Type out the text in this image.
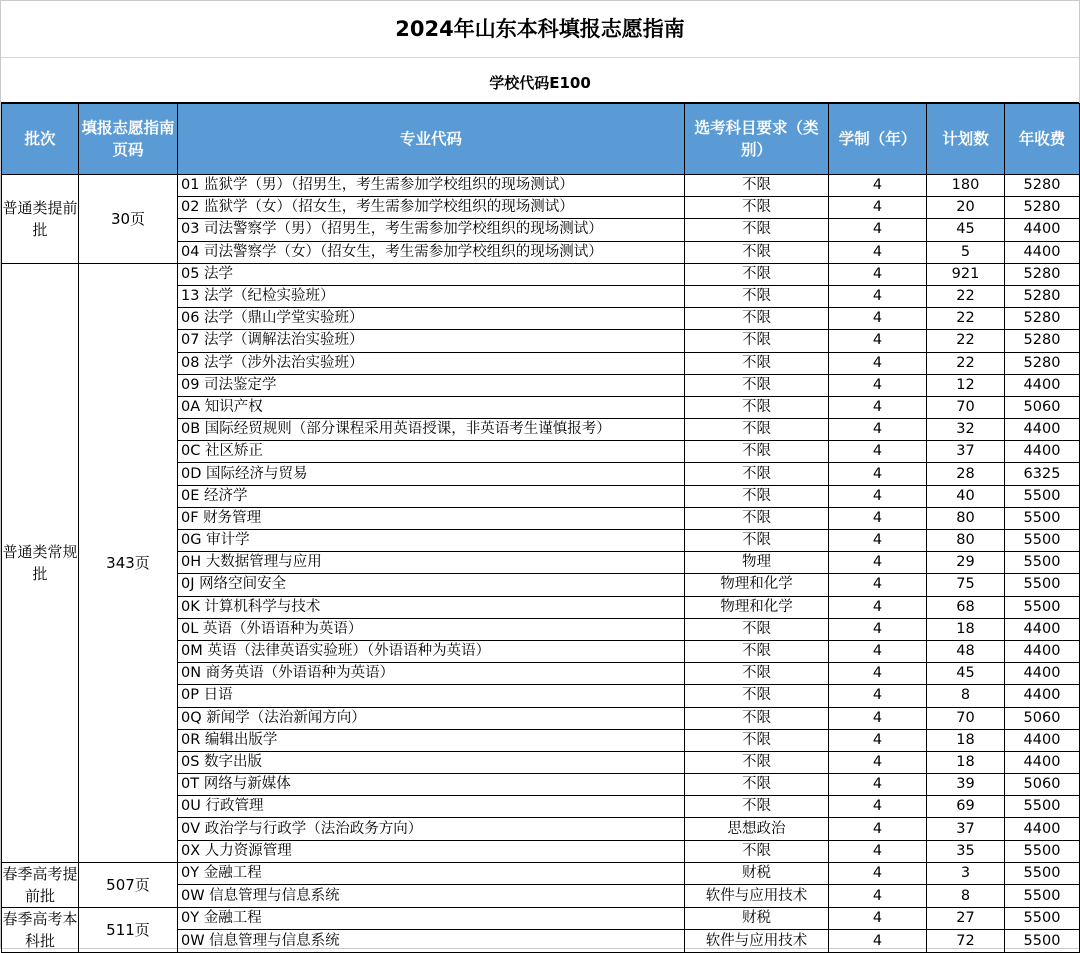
2024年山东本科填报志愿指南
学校代码E100
批次	填报志愿指南页码	专业代码	选考科目要求（类别）	学制（年）	计划数	年收费
普通类提前批	30页	01 监狱学（男）（招男生，考生需参加学校组织的现场测试）	不限	4	180	5280
		02 监狱学（女）（招女生，考生需参加学校组织的现场测试）	不限	4	20	5280
		03 司法警察学（男）（招男生，考生需参加学校组织的现场测试）	不限	4	45	4400
		04 司法警察学（女）（招女生，考生需参加学校组织的现场测试）	不限	4	5	4400
普通类常规批	343页	05 法学	不限	4	921	5280
		13 法学（纪检实验班）	不限	4	22	5280
		06 法学（鼎山学堂实验班）	不限	4	22	5280
		07 法学（调解法治实验班）	不限	4	22	5280
		08 法学（涉外法治实验班）	不限	4	22	5280
		09 司法鉴定学	不限	4	12	4400
		0A 知识产权	不限	4	70	5060
		0B 国际经贸规则（部分课程采用英语授课，非英语考生谨慎报考）	不限	4	32	4400
		0C 社区矫正	不限	4	37	4400
		0D 国际经济与贸易	不限	4	28	6325
		0E 经济学	不限	4	40	5500
		0F 财务管理	不限	4	80	5500
		0G 审计学	不限	4	80	5500
		0H 大数据管理与应用	物理	4	29	5500
		0J 网络空间安全	物理和化学	4	75	5500
		0K 计算机科学与技术	物理和化学	4	68	5500
		0L 英语（外语语种为英语）	不限	4	18	4400
		0M 英语（法律英语实验班）（外语语种为英语）	不限	4	48	4400
		0N 商务英语（外语语种为英语）	不限	4	45	4400
		0P 日语	不限	4	8	4400
		0Q 新闻学（法治新闻方向）	不限	4	70	5060
		0R 编辑出版学	不限	4	18	4400
		0S 数字出版	不限	4	18	4400
		0T 网络与新媒体	不限	4	39	5060
		0U 行政管理	不限	4	69	5500
		0V 政治学与行政学（法治政务方向）	思想政治	4	37	4400
		0X 人力资源管理	不限	4	35	5500
春季高考提前批	507页	0Y 金融工程	财税	4	3	5500
		0W 信息管理与信息系统	软件与应用技术	4	8	5500
春季高考本科批	511页	0Y 金融工程	财税	4	27	5500
		0W 信息管理与信息系统	软件与应用技术	4	72	5500
